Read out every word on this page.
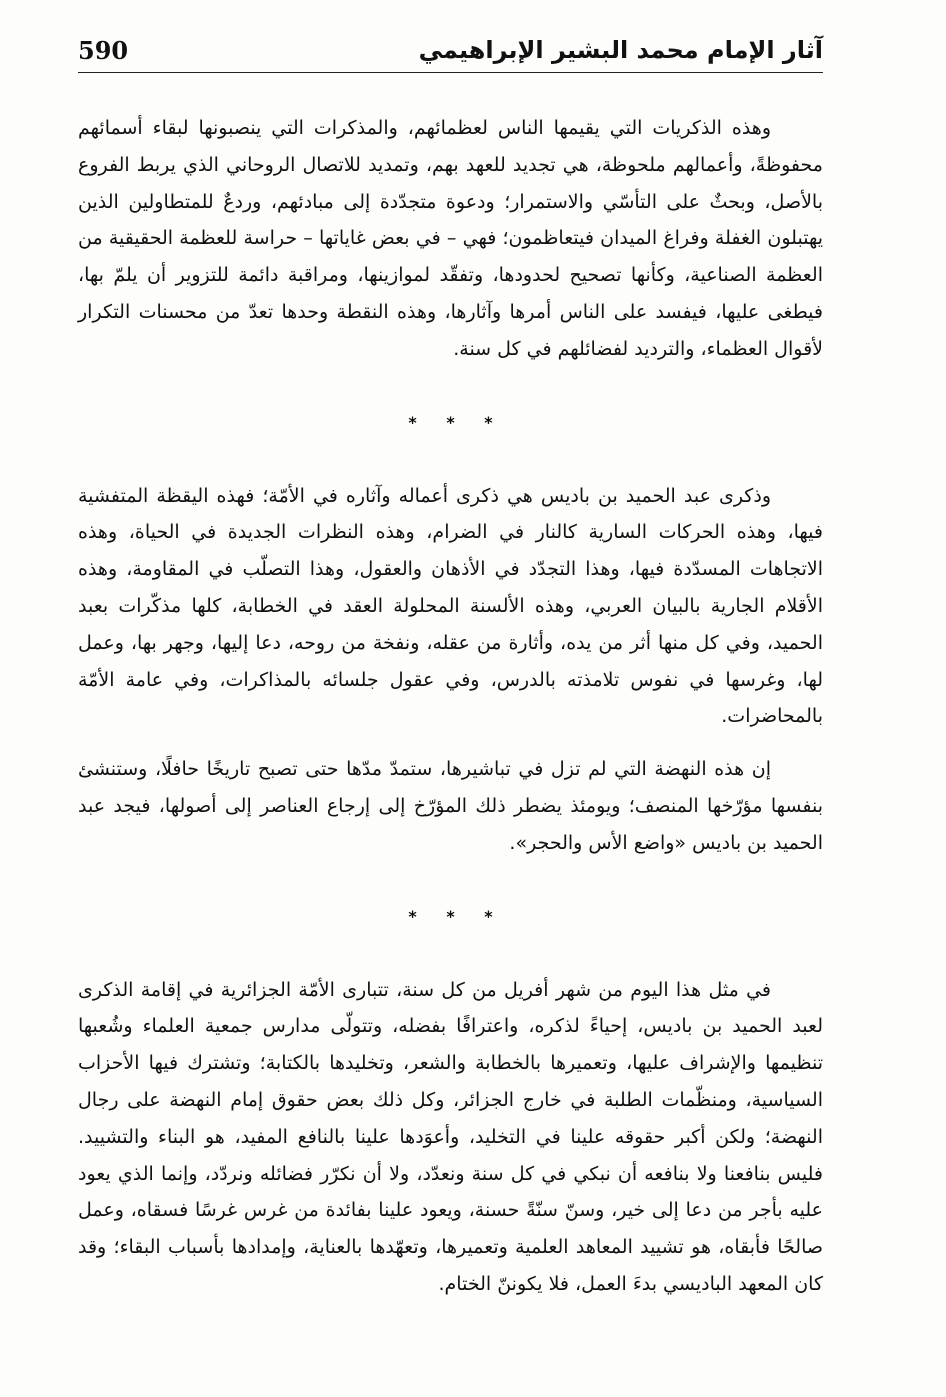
590	آثار الإمام محمد البشير الإبراهيمي

وهذه الذكريات التي يقيمها الناس لعظمائهم، والمذكرات التي ينصبونها لبقاء أسمائهم محفوظةً، وأعمالهم ملحوظة، هي تجديد للعهد بهم، وتمديد للاتصال الروحاني الذي يربط الفروع بالأصل، وبحثٌ على التأسّي والاستمرار؛ ودعوة متجدّدة إلى مبادئهم، وردعٌ للمتطاولين الذين يهتبلون الغفلة وفراغ الميدان فيتعاظمون؛ فهي – في بعض غاياتها – حراسة للعظمة الحقيقية من العظمة الصناعية، وكأنها تصحيح لحدودها، وتفقّد لموازينها، ومراقبة دائمة للتزوير أن يلمّ بها، فيطغى عليها، فيفسد على الناس أمرها وآثارها، وهذه النقطة وحدها تعدّ من محسنات التكرار لأقوال العظماء، والترديد لفضائلهم في كل سنة.

* * *

وذكرى عبد الحميد بن باديس هي ذكرى أعماله وآثاره في الأمّة؛ فهذه اليقظة المتفشية فيها، وهذه الحركات السارية كالنار في الضرام، وهذه النظرات الجديدة في الحياة، وهذه الاتجاهات المسدّدة فيها، وهذا التجدّد في الأذهان والعقول، وهذا التصلّب في المقاومة، وهذه الأقلام الجارية بالبيان العربي، وهذه الألسنة المحلولة العقد في الخطابة، كلها مذكّرات بعبد الحميد، وفي كل منها أثر من يده، وأثارة من عقله، ونفخة من روحه، دعا إليها، وجهر بها، وعمل لها، وغرسها في نفوس تلامذته بالدرس، وفي عقول جلسائه بالمذاكرات، وفي عامة الأمّة بالمحاضرات.

إن هذه النهضة التي لم تزل في تباشيرها، ستمدّ مدّها حتى تصبح تاريخًا حافلًا، وستنشئ بنفسها مؤرّخها المنصف؛ ويومئذ يضطر ذلك المؤرّخ إلى إرجاع العناصر إلى أصولها، فيجد عبد الحميد بن باديس «واضع الأس والحجر».

* * *

في مثل هذا اليوم من شهر أفريل من كل سنة، تتبارى الأمّة الجزائرية في إقامة الذكرى لعبد الحميد بن باديس، إحياءً لذكره، واعترافًا بفضله، وتتولّى مدارس جمعية العلماء وشُعبها تنظيمها والإشراف عليها، وتعميرها بالخطابة والشعر، وتخليدها بالكتابة؛ وتشترك فيها الأحزاب السياسية، ومنظّمات الطلبة في خارج الجزائر، وكل ذلك بعض حقوق إمام النهضة على رجال النهضة؛ ولكن أكبر حقوقه علينا في التخليد، وأعوَدها علينا بالنافع المفيد، هو البناء والتشييد. فليس بنافعنا ولا بنافعه أن نبكي في كل سنة ونعدّد، ولا أن نكرّر فضائله ونردّد، وإنما الذي يعود عليه بأجر من دعا إلى خير، وسنّ سنّةً حسنة، ويعود علينا بفائدة من غرس غرسًا فسقاه، وعمل صالحًا فأبقاه، هو تشييد المعاهد العلمية وتعميرها، وتعهّدها بالعناية، وإمدادها بأسباب البقاء؛ وقد كان المعهد الباديسي بدءَ العمل، فلا يكوننّ الختام.
